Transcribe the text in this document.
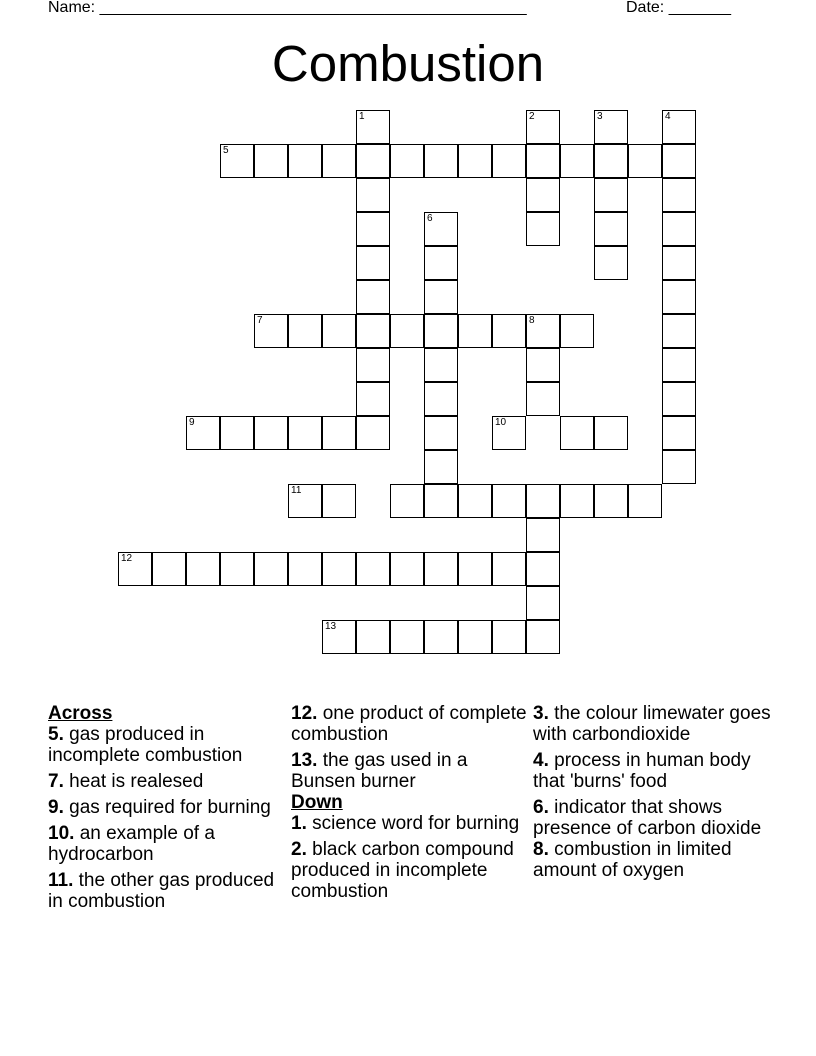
Name: ________________________________________________	Date: _______
Combustion
5
1
6
2	3	4
7	8
9	10
11
12
13
Across
5. gas produced in incomplete combustion
7. heat is realesed
9. gas required for burning
10. an example of a hydrocarbon
11. the other gas produced in combustion
12. one product of complete combustion
13. the gas used in a Bunsen burner
Down
1. science word for burning
2. black carbon compound produced in incomplete combustion
3. the colour limewater goes with carbondioxide
4. process in human body that 'burns' food
6. indicator that shows presence of carbon dioxide
8. combustion in limited amount of oxygen
